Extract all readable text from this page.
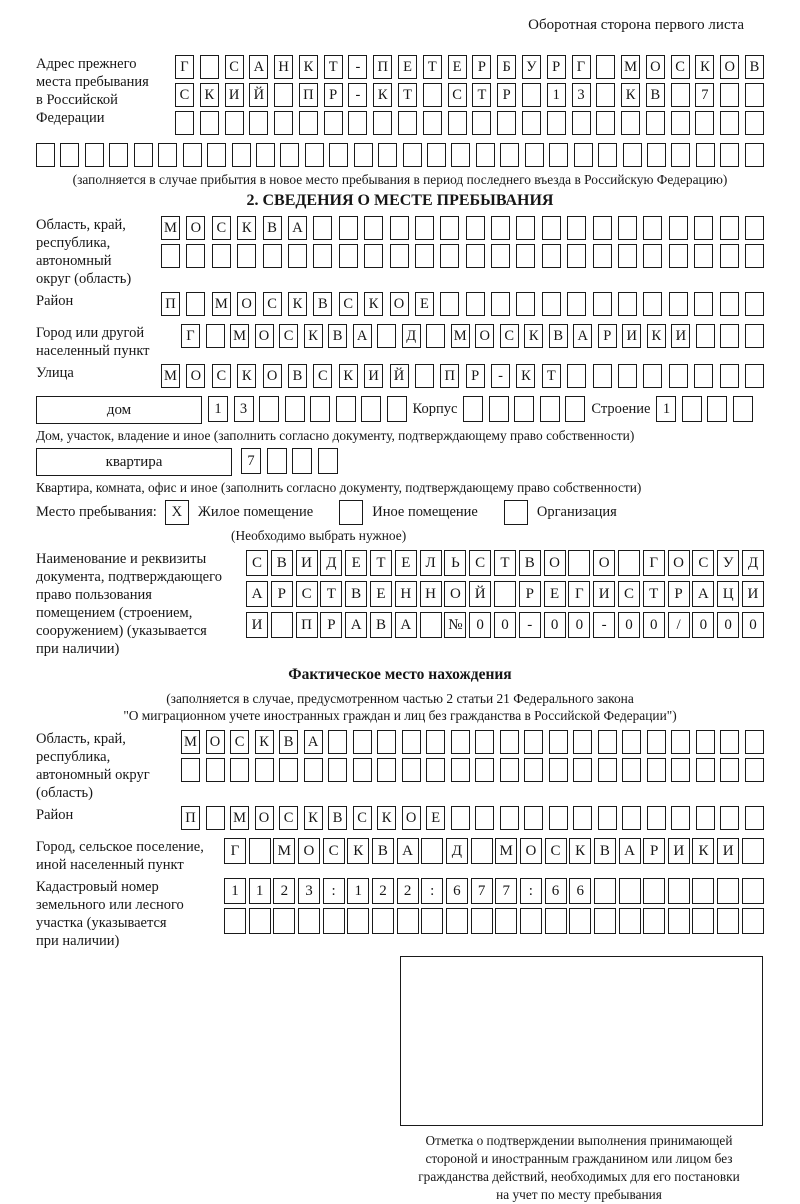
Оборотная сторона первого листа
Адрес прежнего
места пребывания
в Российской
Федерации
Г	С	А Н	К	Т	-	П	Е	Т	Е	Р	Б	У	Р	Г	М О	С	К	О	В
С	К	И Й	П	Р	-	К	Т	С	Т	Р	1	3	К	В	7
(заполняется в случае прибытия в новое место пребывания в период последнего въезда в Российскую Федерацию)
2. СВЕДЕНИЯ О МЕСТЕ ПРЕБЫВАНИЯ
Область, край,
республика,
автономный
округ (область)
М О	С	К	В	А
Район	П	М О	С	К	В	С	К	О	Е
Город или другой
населенный пункт
Г	М О С	К	В А	Д	М О С	К	В А	Р	И К И
Улица	М О	С	К	О	В	С	К	И Й	П	Р	-	К	Т
дом	1	3	Корпус	Строение 1
Дом, участок, владение и иное (заполнить согласно документу, подтверждающему право собственности)
квартира	7
Квартира, комната, офис и иное (заполнить согласно документу, подтверждающему право собственности)
Место пребывания:	X	Жилое помещение	Иное помещение	Организация
(Необходимо выбрать нужное)
Наименование и реквизиты
документа, подтверждающего
право пользования
помещением (строением,
сооружением) (указывается
при наличии)
С В И Д	Е	Т	Е	Л	Ь	С	Т	В О	О	Г	О С У Д
А	Р	С	Т	В	Е Н Н О Й	Р	Е	Г	И С	Т	Р	А Ц И
И	П	Р	А В А	№ 0	0	-	0	0	-	0	0	/	0	0	0
Фактическое место нахождения
(заполняется в случае, предусмотренном частью 2 статьи 21 Федерального закона
"О миграционном учете иностранных граждан и лиц без гражданства в Российской Федерации")
Область, край,
республика,
автономный округ
(область)
М О С	К	В А
Район	П	М О С	К	В	С	К О	Е
Город, сельское поселение,
иной населенный пункт
Г	М О С К В А	Д	М О С К В А	Р	И К И
Кадастровый номер
земельного или лесного
участка (указывается
при наличии)
1	1	2	3	:	1	2	2	:	6	7	7	:	6	6
Отметка о подтверждении выполнения принимающей
стороной и иностранным гражданином или лицом без
гражданства действий, необходимых для его постановки
на учет по месту пребывания
